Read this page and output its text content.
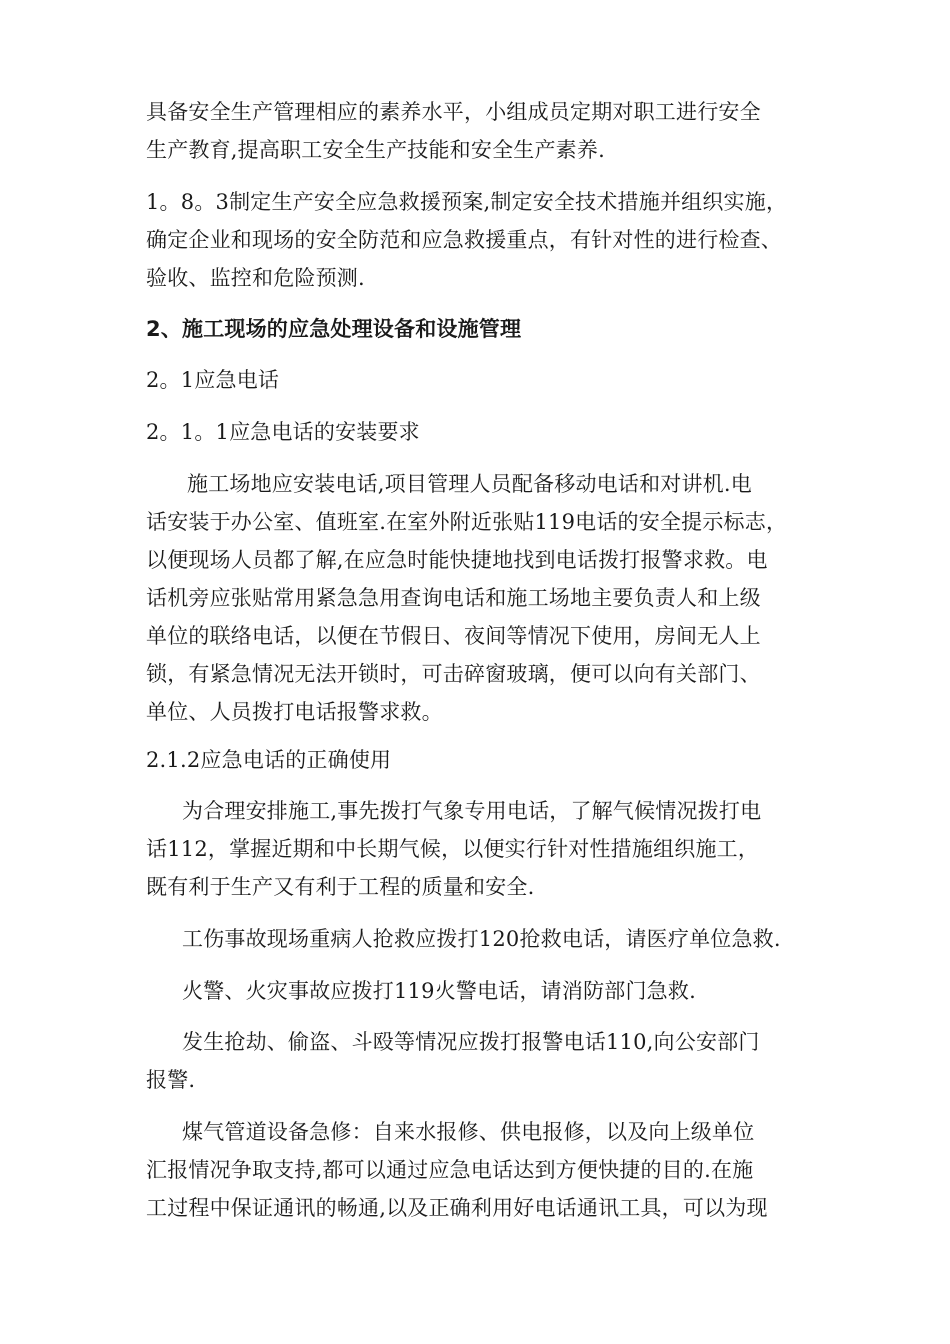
具备安全生产管理相应的素养水平，小组成员定期对职工进行安全
生产教育,提高职工安全生产技能和安全生产素养.
1。8。3制定生产安全应急救援预案,制定安全技术措施并组织实施，
确定企业和现场的安全防范和应急救援重点，有针对性的进行检查、
验收、监控和危险预测.
2、施工现场的应急处理设备和设施管理
2。1应急电话
2。1。1应急电话的安装要求
施工场地应安装电话,项目管理人员配备移动电话和对讲机.电
话安装于办公室、值班室.在室外附近张贴119电话的安全提示标志，
以便现场人员都了解,在应急时能快捷地找到电话拨打报警求救。电
话机旁应张贴常用紧急急用查询电话和施工场地主要负责人和上级
单位的联络电话，以便在节假日、夜间等情况下使用，房间无人上
锁，有紧急情况无法开锁时，可击碎窗玻璃，便可以向有关部门、
单位、人员拨打电话报警求救。
2.1.2应急电话的正确使用
为合理安排施工,事先拨打气象专用电话，了解气候情况拨打电
话112，掌握近期和中长期气候，以便实行针对性措施组织施工，
既有利于生产又有利于工程的质量和安全.
工伤事故现场重病人抢救应拨打120抢救电话，请医疗单位急救.
火警、火灾事故应拨打119火警电话，请消防部门急救.
发生抢劫、偷盗、斗殴等情况应拨打报警电话110,向公安部门
报警.
煤气管道设备急修：自来水报修、供电报修，以及向上级单位
汇报情况争取支持,都可以通过应急电话达到方便快捷的目的.在施
工过程中保证通讯的畅通,以及正确利用好电话通讯工具，可以为现
